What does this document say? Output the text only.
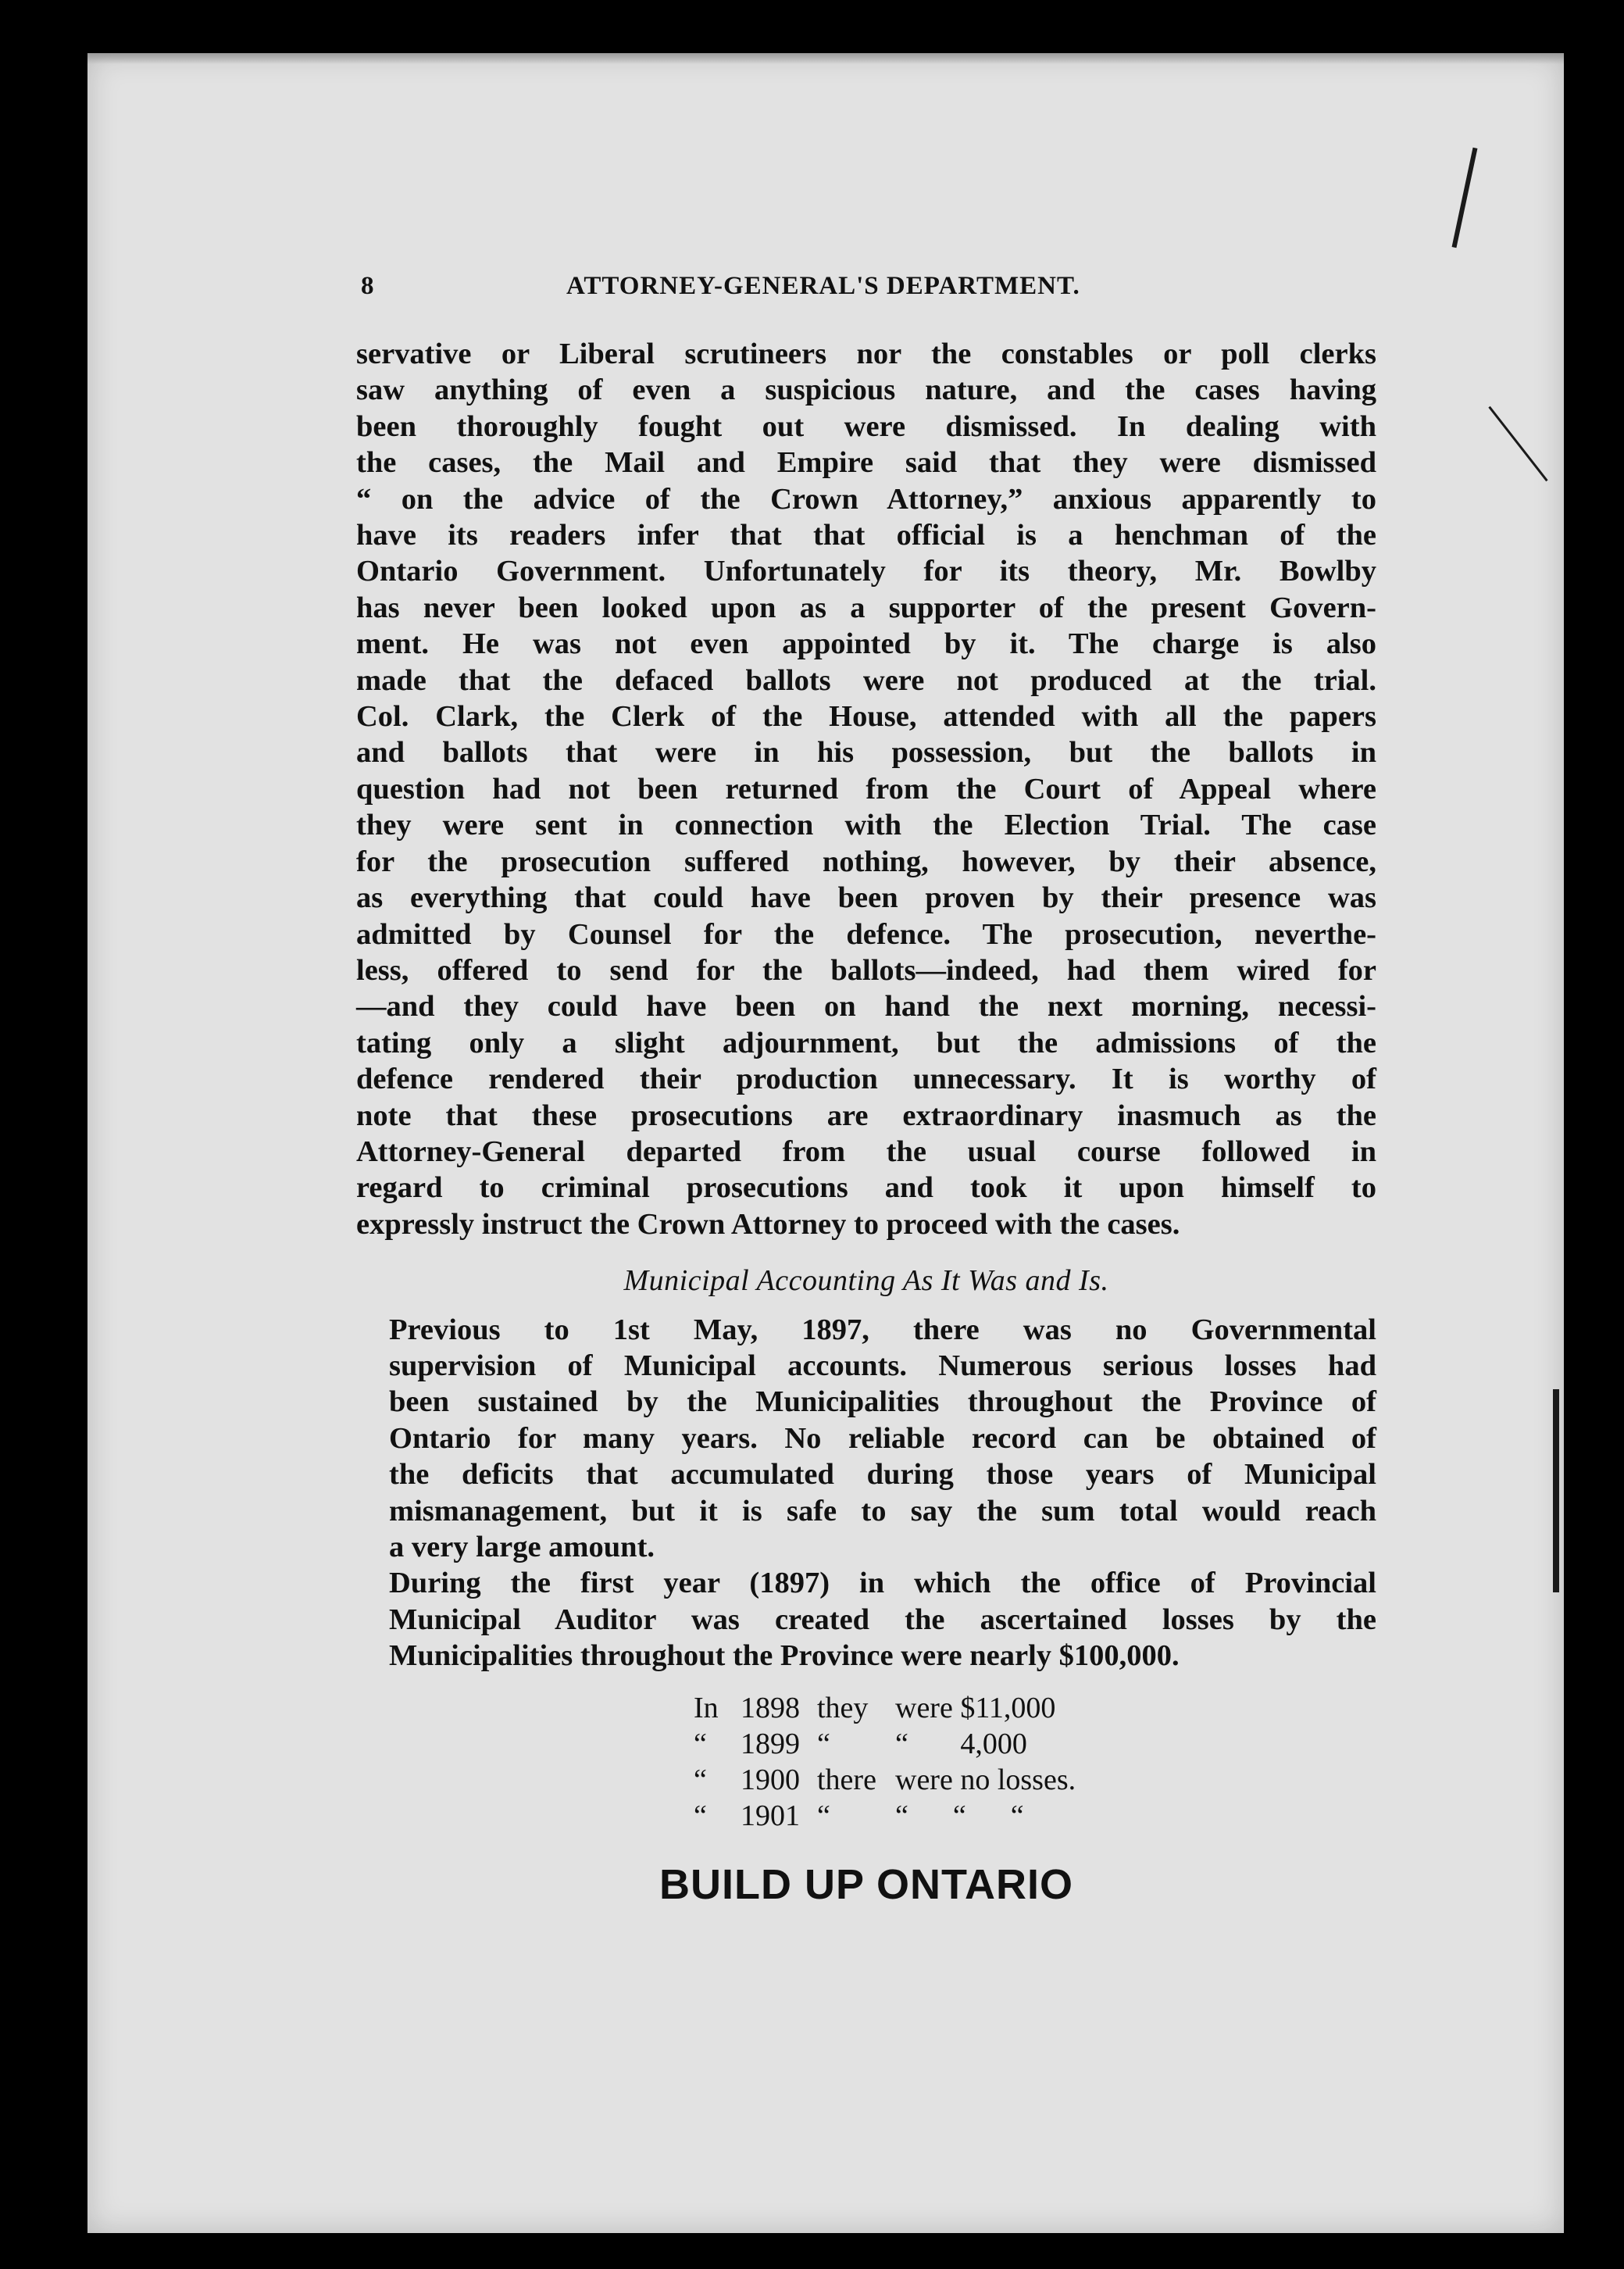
8	ATTORNEY-GENERAL'S DEPARTMENT.

servative or Liberal scrutineers nor the constables or poll clerks
saw anything of even a suspicious nature, and the cases having
been thoroughly fought out were dismissed. In dealing with
the cases, the Mail and Empire said that they were dismissed
“ on the advice of the Crown Attorney,” anxious apparently to
have its readers infer that that official is a henchman of the
Ontario Government. Unfortunately for its theory, Mr. Bowlby
has never been looked upon as a supporter of the present Govern-
ment. He was not even appointed by it. The charge is also
made that the defaced ballots were not produced at the trial.
Col. Clark, the Clerk of the House, attended with all the papers
and ballots that were in his possession, but the ballots in
question had not been returned from the Court of Appeal where
they were sent in connection with the Election Trial. The case
for the prosecution suffered nothing, however, by their absence,
as everything that could have been proven by their presence was
admitted by Counsel for the defence. The prosecution, neverthe-
less, offered to send for the ballots—indeed, had them wired for
—and they could have been on hand the next morning, necessi-
tating only a slight adjournment, but the admissions of the
defence rendered their production unnecessary. It is worthy of
note that these prosecutions are extraordinary inasmuch as the
Attorney-General departed from the usual course followed in
regard to criminal prosecutions and took it upon himself to
expressly instruct the Crown Attorney to proceed with the cases.

Municipal Accounting As It Was and Is.

Previous to 1st May, 1897, there was no Governmental
supervision of Municipal accounts. Numerous serious losses had
been sustained by the Municipalities throughout the Province of
Ontario for many years. No reliable record can be obtained of
the deficits that accumulated during those years of Municipal
mismanagement, but it is safe to say the sum total would reach
a very large amount.

During the first year (1897) in which the office of Provincial
Municipal Auditor was created the ascertained losses by the
Municipalities throughout the Province were nearly $100,000.

In 1898 they were $11,000
“	1899 “	“       4,000
“	1900 there were no losses.
“	1901 “	“      “      “
BUILD UP ONTARIO
